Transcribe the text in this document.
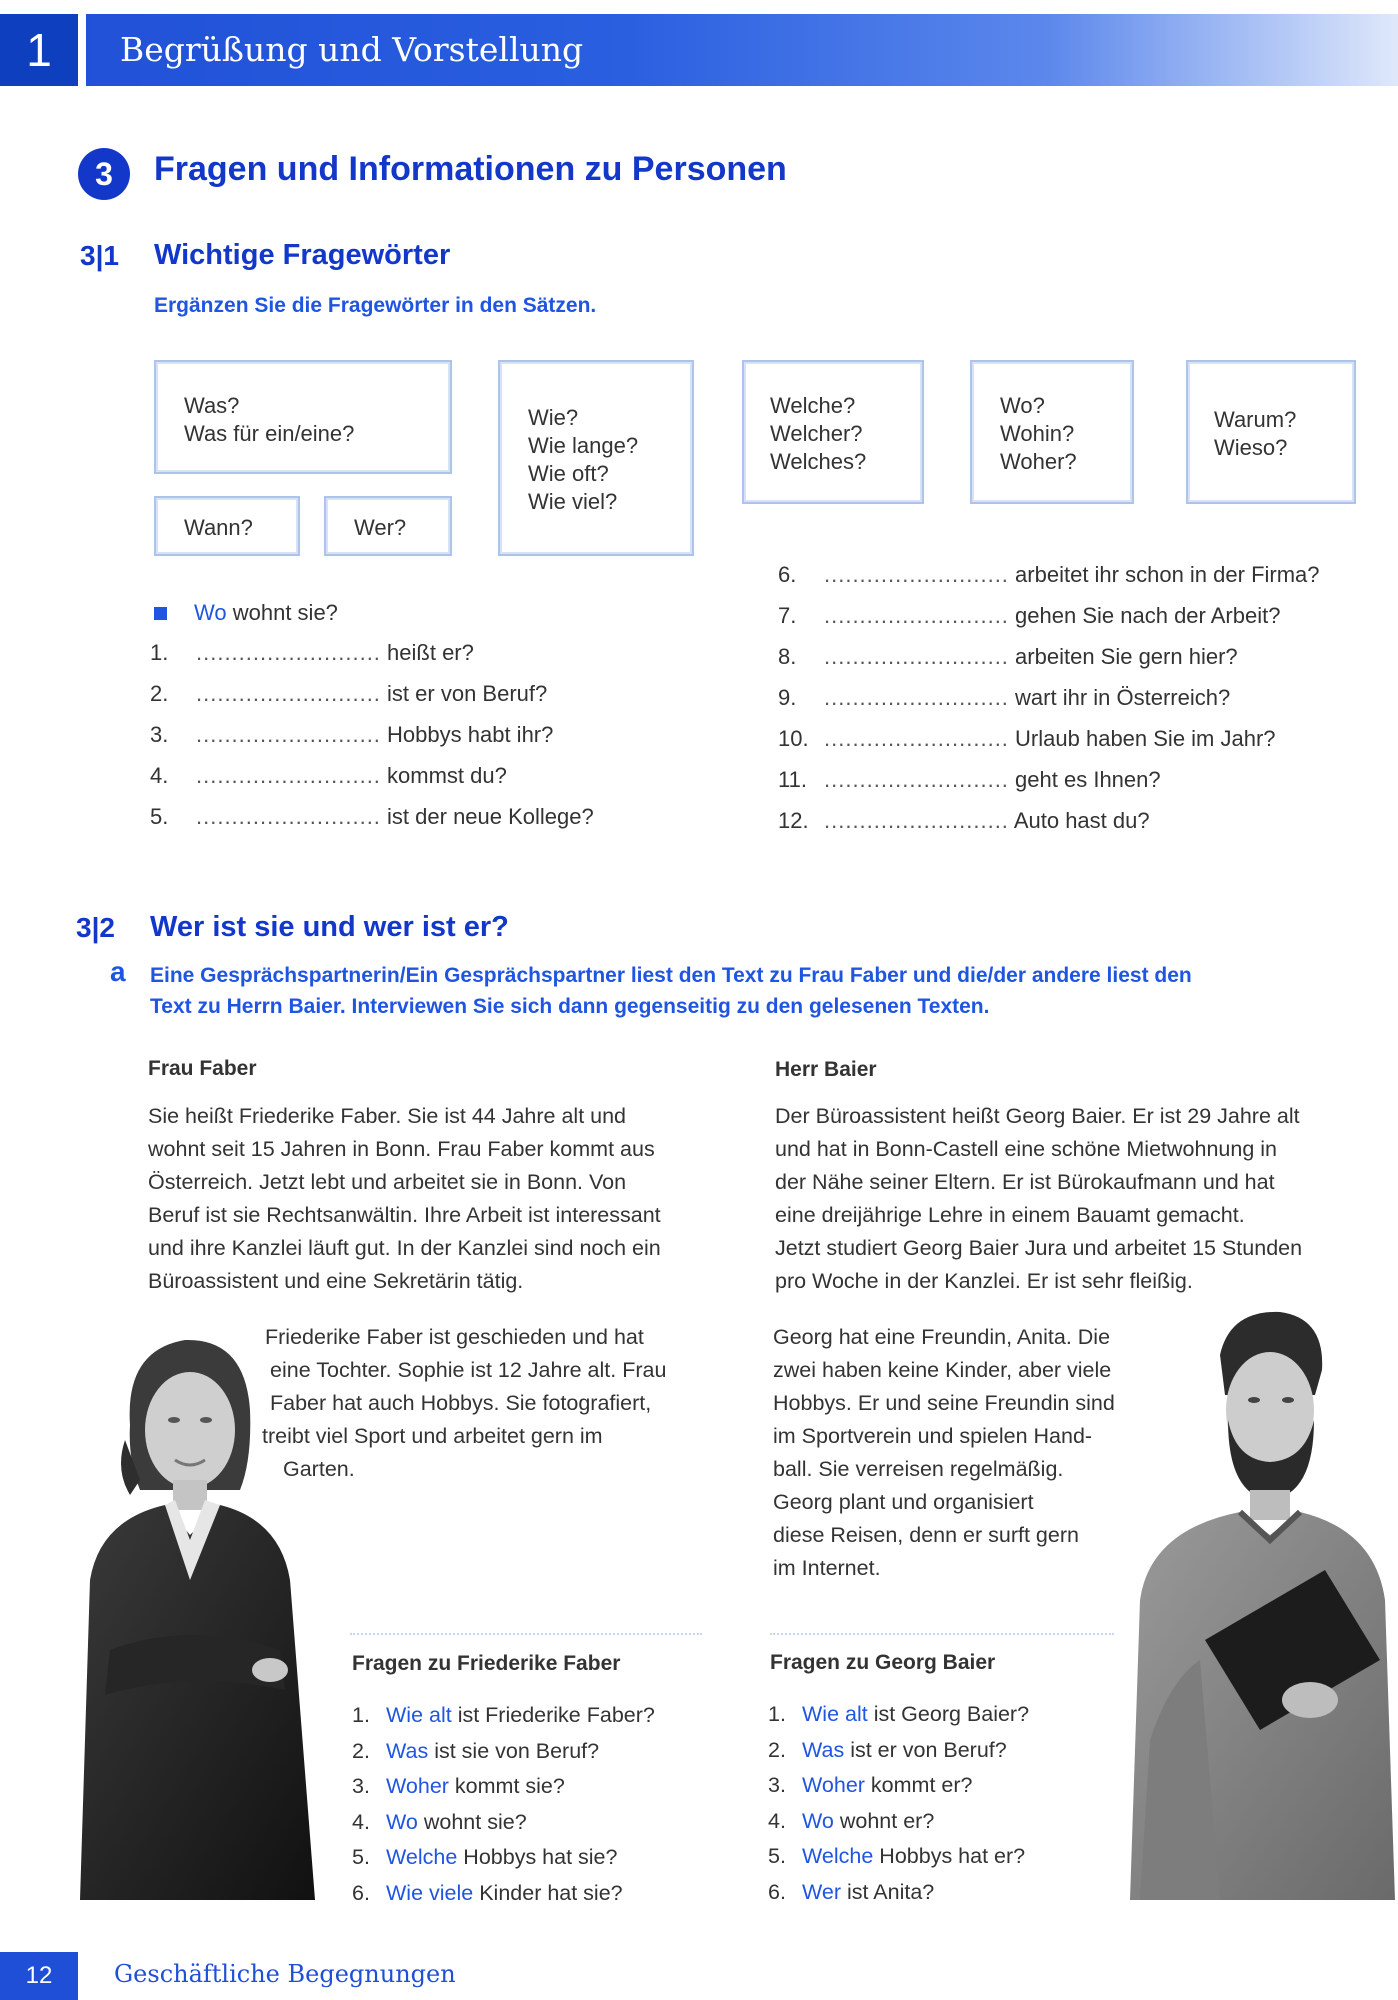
1	Begrüßung und Vorstellung
3	Fragen und Informationen zu Personen
3|1 Wichtige Fragewörter
Ergänzen Sie die Fragewörter in den Sätzen.
Was?
Was für ein/eine?
Wann?	Wer?
Wie?
Wie lange?
Wie oft?
Wie viel?
Welche?
Welcher?
Welches?
Wo?
Wohin?
Woher?
Warum?
Wieso?
Wo wohnt sie?
1. .......................... heißt er?
2. .......................... ist er von Beruf?
3. .......................... Hobbys habt ihr?
4. .......................... kommst du?
5. .......................... ist der neue Kollege?
6. .......................... arbeitet ihr schon in der Firma?
7. .......................... gehen Sie nach der Arbeit?
8. .......................... arbeiten Sie gern hier?
9. .......................... wart ihr in Österreich?
10. .......................... Urlaub haben Sie im Jahr?
11. .......................... geht es Ihnen?
12. .......................... Auto hast du?
3|2 Wer ist sie und wer ist er?
a Eine Gesprächspartnerin/Ein Gesprächspartner liest den Text zu Frau Faber und die/der andere liest den
Text zu Herrn Baier. Interviewen Sie sich dann gegenseitig zu den gelesenen Texten.
Frau Faber
Sie heißt Friederike Faber. Sie ist 44 Jahre alt und
wohnt seit 15 Jahren in Bonn. Frau Faber kommt aus
Österreich. Jetzt lebt und arbeitet sie in Bonn. Von
Beruf ist sie Rechtsanwältin. Ihre Arbeit ist interessant
und ihre Kanzlei läuft gut. In der Kanzlei sind noch ein
Büroassistent und eine Sekretärin tätig.
Friederike Faber ist geschieden und hat
eine Tochter. Sophie ist 12 Jahre alt. Frau
Faber hat auch Hobbys. Sie fotografiert,
treibt viel Sport und arbeitet gern im
Garten.
Herr Baier
Der Büroassistent heißt Georg Baier. Er ist 29 Jahre alt
und hat in Bonn-Castell eine schöne Mietwohnung in
der Nähe seiner Eltern. Er ist Bürokaufmann und hat
eine dreijährige Lehre in einem Bauamt gemacht.
Jetzt studiert Georg Baier Jura und arbeitet 15 Stunden
pro Woche in der Kanzlei. Er ist sehr fleißig.
Georg hat eine Freundin, Anita. Die
zwei haben keine Kinder, aber viele
Hobbys. Er und seine Freundin sind
im Sportverein und spielen Hand-
ball. Sie verreisen regelmäßig.
Georg plant und organisiert
diese Reisen, denn er surft gern
im Internet.
Fragen zu Friederike Faber
1. Wie alt ist Friederike Faber?
2. Was ist sie von Beruf?
3. Woher kommt sie?
4. Wo wohnt sie?
5. Welche Hobbys hat sie?
6. Wie viele Kinder hat sie?
Fragen zu Georg Baier
1. Wie alt ist Georg Baier?
2. Was ist er von Beruf?
3. Woher kommt er?
4. Wo wohnt er?
5. Welche Hobbys hat er?
6. Wer ist Anita?
12	Geschäftliche Begegnungen
